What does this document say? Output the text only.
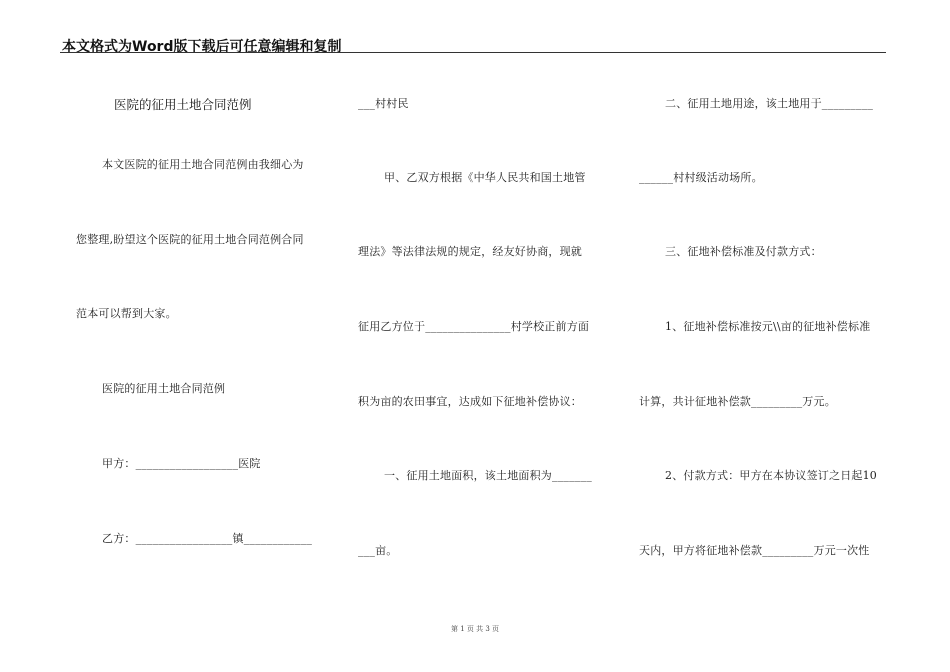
本文格式为Word版下载后可任意编辑和复制
医院的征用土地合同范例
本文医院的征用土地合同范例由我细心为
您整理,盼望这个医院的征用土地合同范例合同
范本可以帮到大家。
医院的征用土地合同范例
甲方：__________________医院
乙方：_________________镇____________
___村村民
甲、乙双方根据《中华人民共和国土地管
理法》等法律法规的规定，经友好协商，现就
征用乙方位于_______________村学校正前方面
积为亩的农田事宜，达成如下征地补偿协议：
一、征用土地面积，该土地面积为_______
___亩。
二、征用土地用途，该土地用于_________
______村村级活动场所。
三、征地补偿标准及付款方式：
1、征地补偿标准按元\\亩的征地补偿标准
计算，共计征地补偿款_________万元。
2、付款方式：甲方在本协议签订之日起10
天内，甲方将征地补偿款_________万元一次性
第 1 页 共 3 页
